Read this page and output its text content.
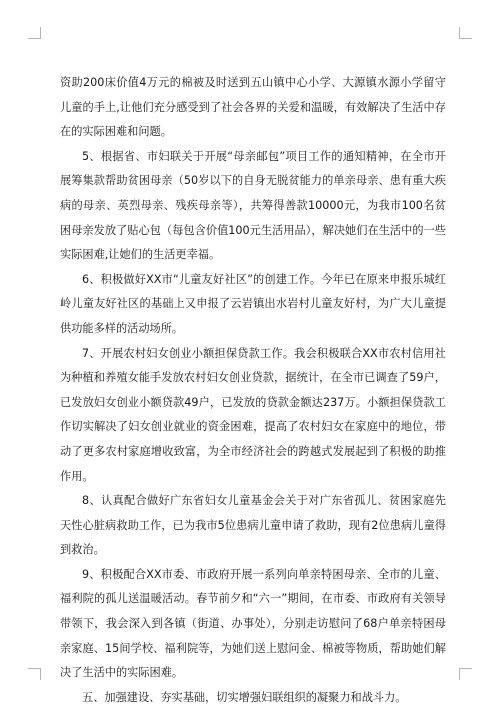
资助200床价值4万元的棉被及时送到五山镇中心小学、大源镇水源小学留守儿童的手上,让他们充分感受到了社会各界的关爱和温暖，有效解决了生活中存在的实际困难和问题。

5、根据省、市妇联关于开展“母亲邮包”项目工作的通知精神，在全市开展筹集款帮助贫困母亲（50岁以下的自身无脱贫能力的单亲母亲、患有重大疾病的母亲、英烈母亲、残疾母亲等），共筹得善款10000元，为我市100名贫困母亲发放了贴心包（每包含价值100元生活用品），解决她们在生活中的一些实际困难,让她们的生活更幸福。

6、积极做好XX市“儿童友好社区”的创建工作。今年已在原来申报乐城红岭儿童友好社区的基础上又申报了云岩镇出水岩村儿童友好村，为广大儿童提供功能多样的活动场所。

7、开展农村妇女创业小额担保贷款工作。我会积极联合XX市农村信用社为种植和养殖女能手发放农村妇女创业贷款，据统计，在全市已调查了59户，已发放妇女创业小额贷款49户，已发放的贷款金额达237万。小额担保贷款工作切实解决了妇女创业就业的资金困难，提高了农村妇女在家庭中的地位，带动了更多农村家庭增收致富，为全市经济社会的跨越式发展起到了积极的助推作用。

8、认真配合做好广东省妇女儿童基金会关于对广东省孤儿、贫困家庭先天性心脏病救助工作，已为我市5位患病儿童申请了救助，现有2位患病儿童得到救治。

9、积极配合XX市委、市政府开展一系列向单亲特困母亲、全市的儿童、福利院的孤儿送温暖活动。春节前夕和“六一”期间，在市委、市政府有关领导带领下，我会深入到各镇（街道、办事处），分别走访慰问了68户单亲特困母亲家庭、15间学校、福利院等，为她们送上慰问金、棉被等物质，帮助她们解决了生活中的实际困难。

五、加强建设、夯实基础，切实增强妇联组织的凝聚力和战斗力。
